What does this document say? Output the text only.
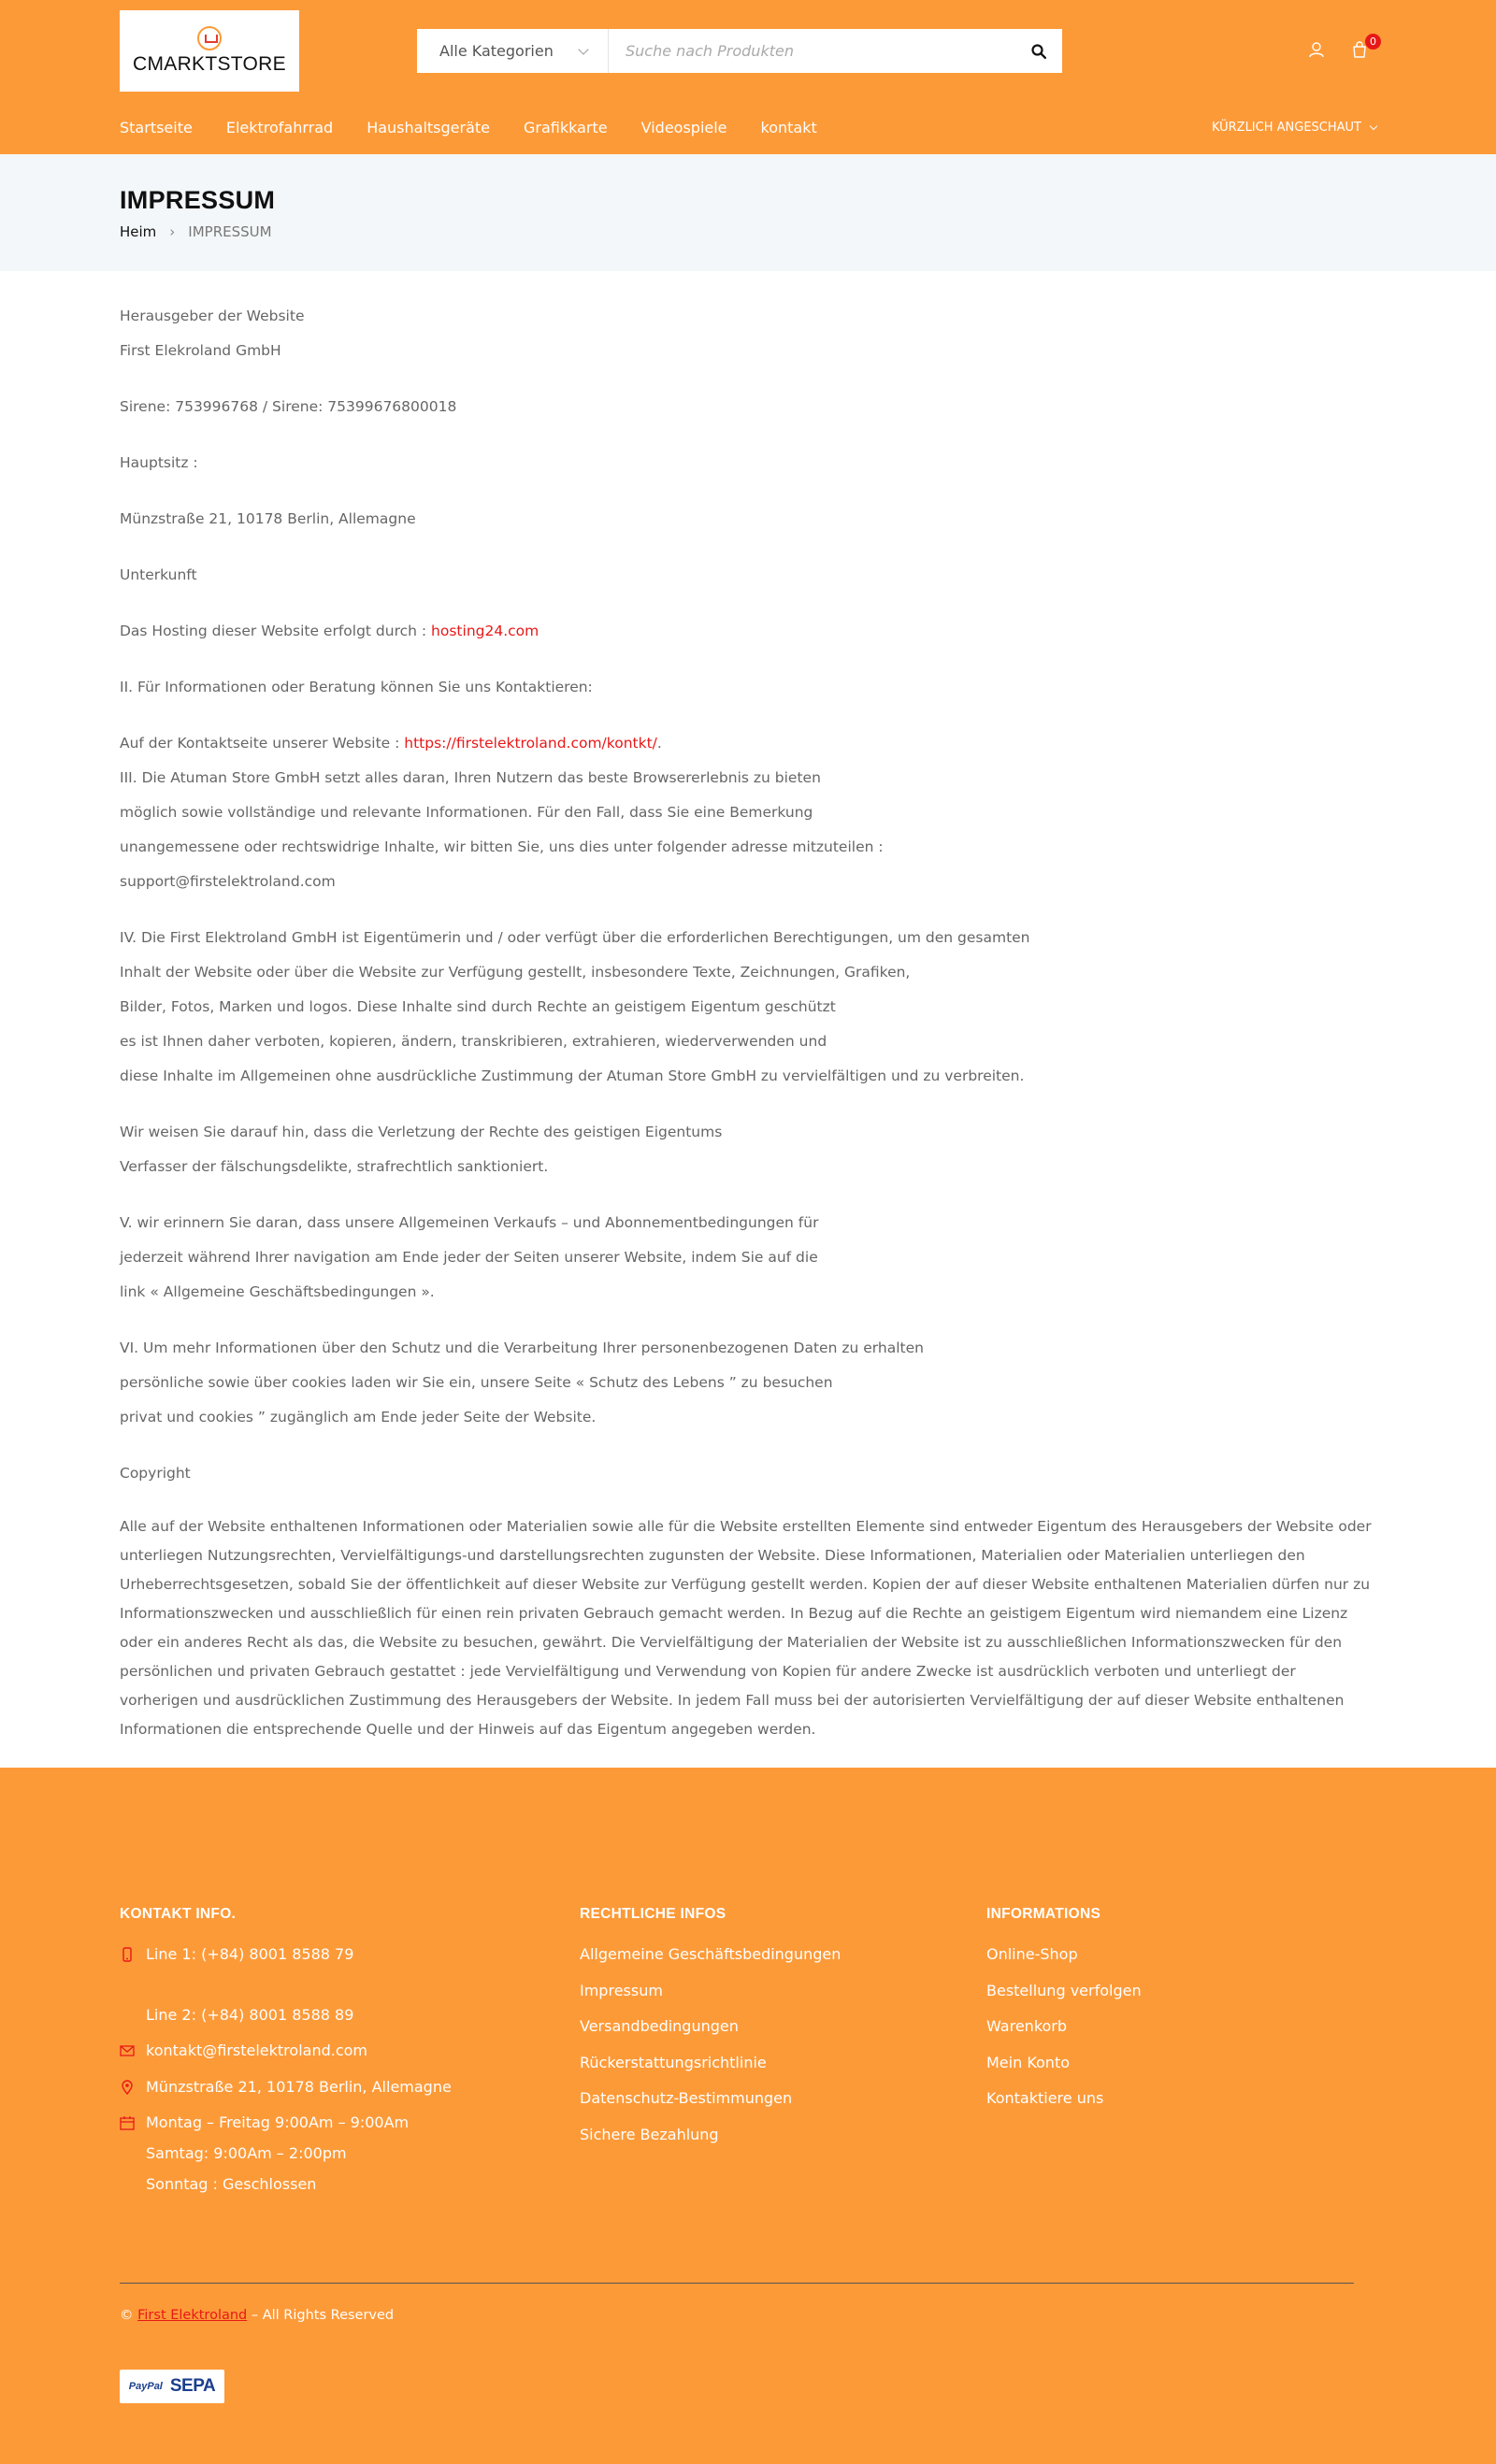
CMARKTSTORE
Alle Kategorien
Suche nach Produkten
0
Startseite Elektrofahrrad Haushaltsgeräte Grafikkarte Videospiele kontakt	KÜRZLICH ANGESCHAUT
IMPRESSUM
Heim › IMPRESSUM
Herausgeber der Website
First Elekroland GmbH
Sirene: 753996768 / Sirene: 75399676800018
Hauptsitz :
Münzstraße 21, 10178 Berlin, Allemagne
Unterkunft
Das Hosting dieser Website erfolgt durch : hosting24.com
II. Für Informationen oder Beratung können Sie uns Kontaktieren:
Auf der Kontaktseite unserer Website : https://firstelektroland.com/kontkt/.
III. Die Atuman Store GmbH setzt alles daran, Ihren Nutzern das beste Browsererlebnis zu bieten
möglich sowie vollständige und relevante Informationen. Für den Fall, dass Sie eine Bemerkung
unangemessene oder rechtswidrige Inhalte, wir bitten Sie, uns dies unter folgender adresse mitzuteilen :
support@firstelektroland.com
IV. Die First Elektroland GmbH ist Eigentümerin und / oder verfügt über die erforderlichen Berechtigungen, um den gesamten
Inhalt der Website oder über die Website zur Verfügung gestellt, insbesondere Texte, Zeichnungen, Grafiken,
Bilder, Fotos, Marken und logos. Diese Inhalte sind durch Rechte an geistigem Eigentum geschützt
es ist Ihnen daher verboten, kopieren, ändern, transkribieren, extrahieren, wiederverwenden und
diese Inhalte im Allgemeinen ohne ausdrückliche Zustimmung der Atuman Store GmbH zu vervielfältigen und zu verbreiten.
Wir weisen Sie darauf hin, dass die Verletzung der Rechte des geistigen Eigentums
Verfasser der fälschungsdelikte, strafrechtlich sanktioniert.
V. wir erinnern Sie daran, dass unsere Allgemeinen Verkaufs – und Abonnementbedingungen für
jederzeit während Ihrer navigation am Ende jeder der Seiten unserer Website, indem Sie auf die
link « Allgemeine Geschäftsbedingungen ».
VI. Um mehr Informationen über den Schutz und die Verarbeitung Ihrer personenbezogenen Daten zu erhalten
persönliche sowie über cookies laden wir Sie ein, unsere Seite « Schutz des Lebens ” zu besuchen
privat und cookies ” zugänglich am Ende jeder Seite der Website.
Copyright
Alle auf der Website enthaltenen Informationen oder Materialien sowie alle für die Website erstellten Elemente sind entweder Eigentum des Herausgebers der Website oder unterliegen Nutzungsrechten, Vervielfältigungs-und darstellungsrechten zugunsten der Website. Diese Informationen, Materialien oder Materialien unterliegen den Urheberrechtsgesetzen, sobald Sie der öffentlichkeit auf dieser Website zur Verfügung gestellt werden. Kopien der auf dieser Website enthaltenen Materialien dürfen nur zu Informationszwecken und ausschließlich für einen rein privaten Gebrauch gemacht werden. In Bezug auf die Rechte an geistigem Eigentum wird niemandem eine Lizenz oder ein anderes Recht als das, die Website zu besuchen, gewährt. Die Vervielfältigung der Materialien der Website ist zu ausschließlichen Informationszwecken für den persönlichen und privaten Gebrauch gestattet : jede Vervielfältigung und Verwendung von Kopien für andere Zwecke ist ausdrücklich verboten und unterliegt der vorherigen und ausdrücklichen Zustimmung des Herausgebers der Website. In jedem Fall muss bei der autorisierten Vervielfältigung der auf dieser Website enthaltenen Informationen die entsprechende Quelle und der Hinweis auf das Eigentum angegeben werden.
KONTAKT INFO.
Line 1: (+84) 8001 8588 79
Line 2: (+84) 8001 8588 89
kontakt@firstelektroland.com
Münzstraße 21, 10178 Berlin, Allemagne
Montag – Freitag 9:00Am – 9:00Am
Samtag: 9:00Am – 2:00pm
Sonntag : Geschlossen
RECHTLICHE INFOS
Allgemeine Geschäftsbedingungen
Impressum
Versandbedingungen
Rückerstattungsrichtlinie
Datenschutz-Bestimmungen
Sichere Bezahlung
INFORMATIONS
Online-Shop
Bestellung verfolgen
Warenkorb
Mein Konto
Kontaktiere uns
© First Elektroland – All Rights Reserved
PayPal SEPA
